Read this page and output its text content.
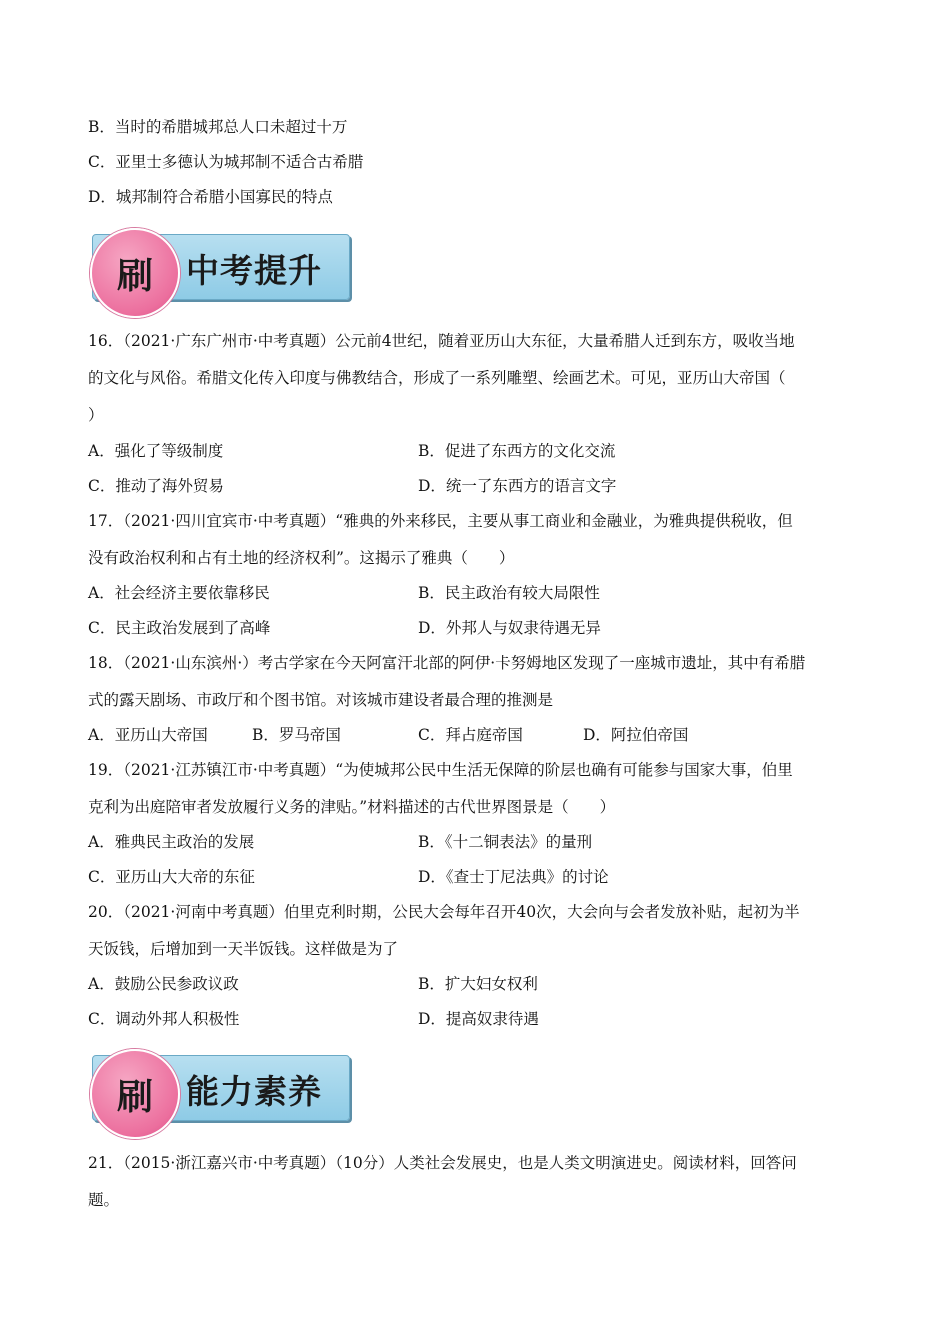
B．当时的希腊城邦总人口未超过十万
C．亚里士多德认为城邦制不适合古希腊
D．城邦制符合希腊小国寡民的特点
刷	中考提升
16．（2021·广东广州市·中考真题）公元前4世纪，随着亚历山大东征，大量希腊人迁到东方，吸收当地
的文化与风俗。希腊文化传入印度与佛教结合，形成了一系列雕塑、绘画艺术。可见，亚历山大帝国（
）
A．强化了等级制度	B．促进了东西方的文化交流
C．推动了海外贸易	D．统一了东西方的语言文字
17．（2021·四川宜宾市·中考真题）“雅典的外来移民，主要从事工商业和金融业，为雅典提供税收，但
没有政治权利和占有土地的经济权利”。这揭示了雅典（　　）
A．社会经济主要依靠移民	B．民主政治有较大局限性
C．民主政治发展到了高峰	D．外邦人与奴隶待遇无异
18．（2021·山东滨州·）考古学家在今天阿富汗北部的阿伊·卡努姆地区发现了一座城市遗址，其中有希腊
式的露天剧场、市政厅和个图书馆。对该城市建设者最合理的推测是
A．亚历山大帝国	B．罗马帝国	C．拜占庭帝国	D．阿拉伯帝国
19．（2021·江苏镇江市·中考真题）“为使城邦公民中生活无保障的阶层也确有可能参与国家大事，伯里
克利为出庭陪审者发放履行义务的津贴。”材料描述的古代世界图景是（　　）
A．雅典民主政治的发展	B．《十二铜表法》的量刑
C．亚历山大大帝的东征	D．《查士丁尼法典》的讨论
20．（2021·河南中考真题）伯里克利时期，公民大会每年召开40次，大会向与会者发放补贴，起初为半
天饭钱，后增加到一天半饭钱。这样做是为了
A．鼓励公民参政议政	B．扩大妇女权利
C．调动外邦人积极性	D．提高奴隶待遇
刷	能力素养
21．（2015·浙江嘉兴市·中考真题）（10分）人类社会发展史，也是人类文明演进史。阅读材料，回答问
题。
